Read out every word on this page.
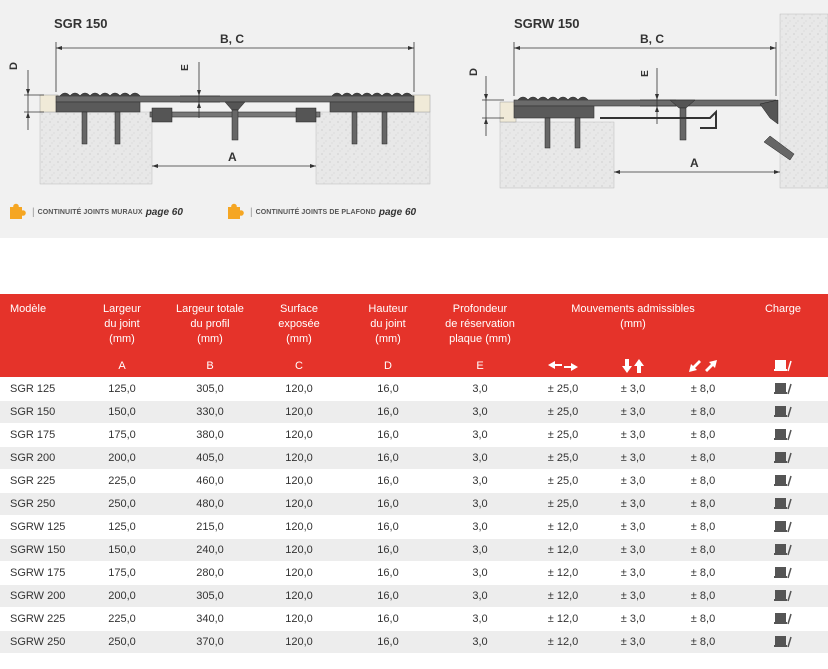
SGR 150
B, C
A
D	E
SGRW 150
B, C
A
D	E
| CONTINUITÉ JOINTS MURAUX page 60	| CONTINUITÉ JOINTS DE PLAFOND page 60
Modèle	Largeur
du joint
(mm)	Largeur totale
du profil
(mm)	Surface
exposée
(mm)	Hauteur
du joint
(mm)	Profondeur
de réservation
plaque (mm)	Mouvements admissibles
(mm)			Charge
	A	B	C	D	E				
SGR 125	125,0	305,0	120,0	16,0	3,0	± 25,0	± 3,0	± 8,0	
SGR 150	150,0	330,0	120,0	16,0	3,0	± 25,0	± 3,0	± 8,0	
SGR 175	175,0	380,0	120,0	16,0	3,0	± 25,0	± 3,0	± 8,0	
SGR 200	200,0	405,0	120,0	16,0	3,0	± 25,0	± 3,0	± 8,0	
SGR 225	225,0	460,0	120,0	16,0	3,0	± 25,0	± 3,0	± 8,0	
SGR 250	250,0	480,0	120,0	16,0	3,0	± 25,0	± 3,0	± 8,0	
SGRW 125	125,0	215,0	120,0	16,0	3,0	± 12,0	± 3,0	± 8,0	
SGRW 150	150,0	240,0	120,0	16,0	3,0	± 12,0	± 3,0	± 8,0	
SGRW 175	175,0	280,0	120,0	16,0	3,0	± 12,0	± 3,0	± 8,0	
SGRW 200	200,0	305,0	120,0	16,0	3,0	± 12,0	± 3,0	± 8,0	
SGRW 225	225,0	340,0	120,0	16,0	3,0	± 12,0	± 3,0	± 8,0	
SGRW 250	250,0	370,0	120,0	16,0	3,0	± 12,0	± 3,0	± 8,0	
